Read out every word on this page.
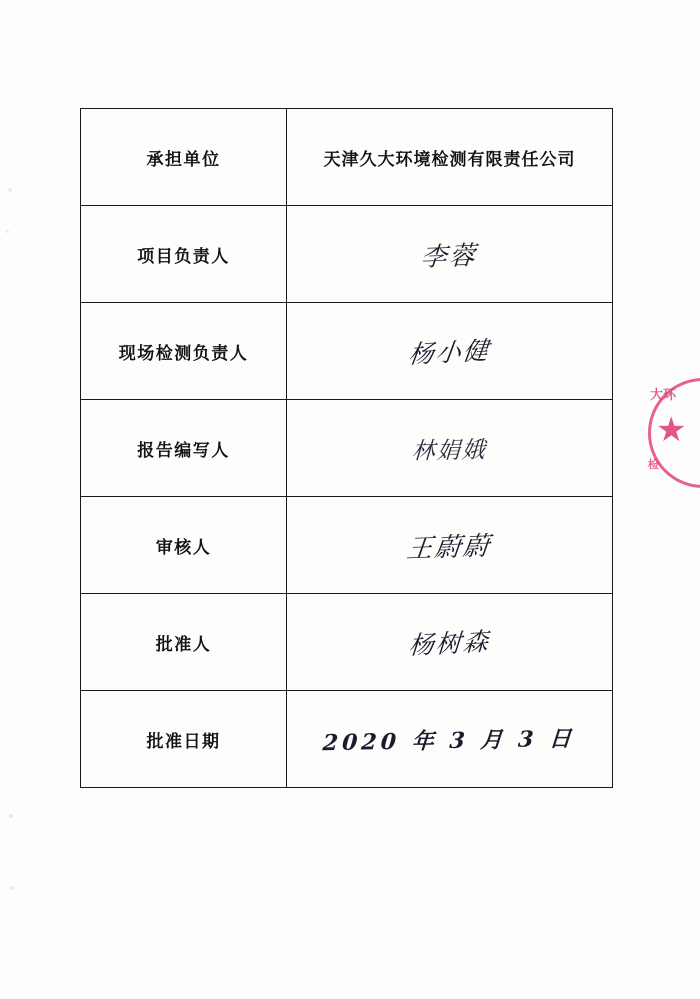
承担单位	天津久大环境检测有限责任公司
项目负责人	李蓉
现场检测负责人	杨小健
报告编写人	林娟娥
审核人	王蔚蔚
批准人	杨树森
批准日期	2020 年 3 月 3 日
大环
★
检
